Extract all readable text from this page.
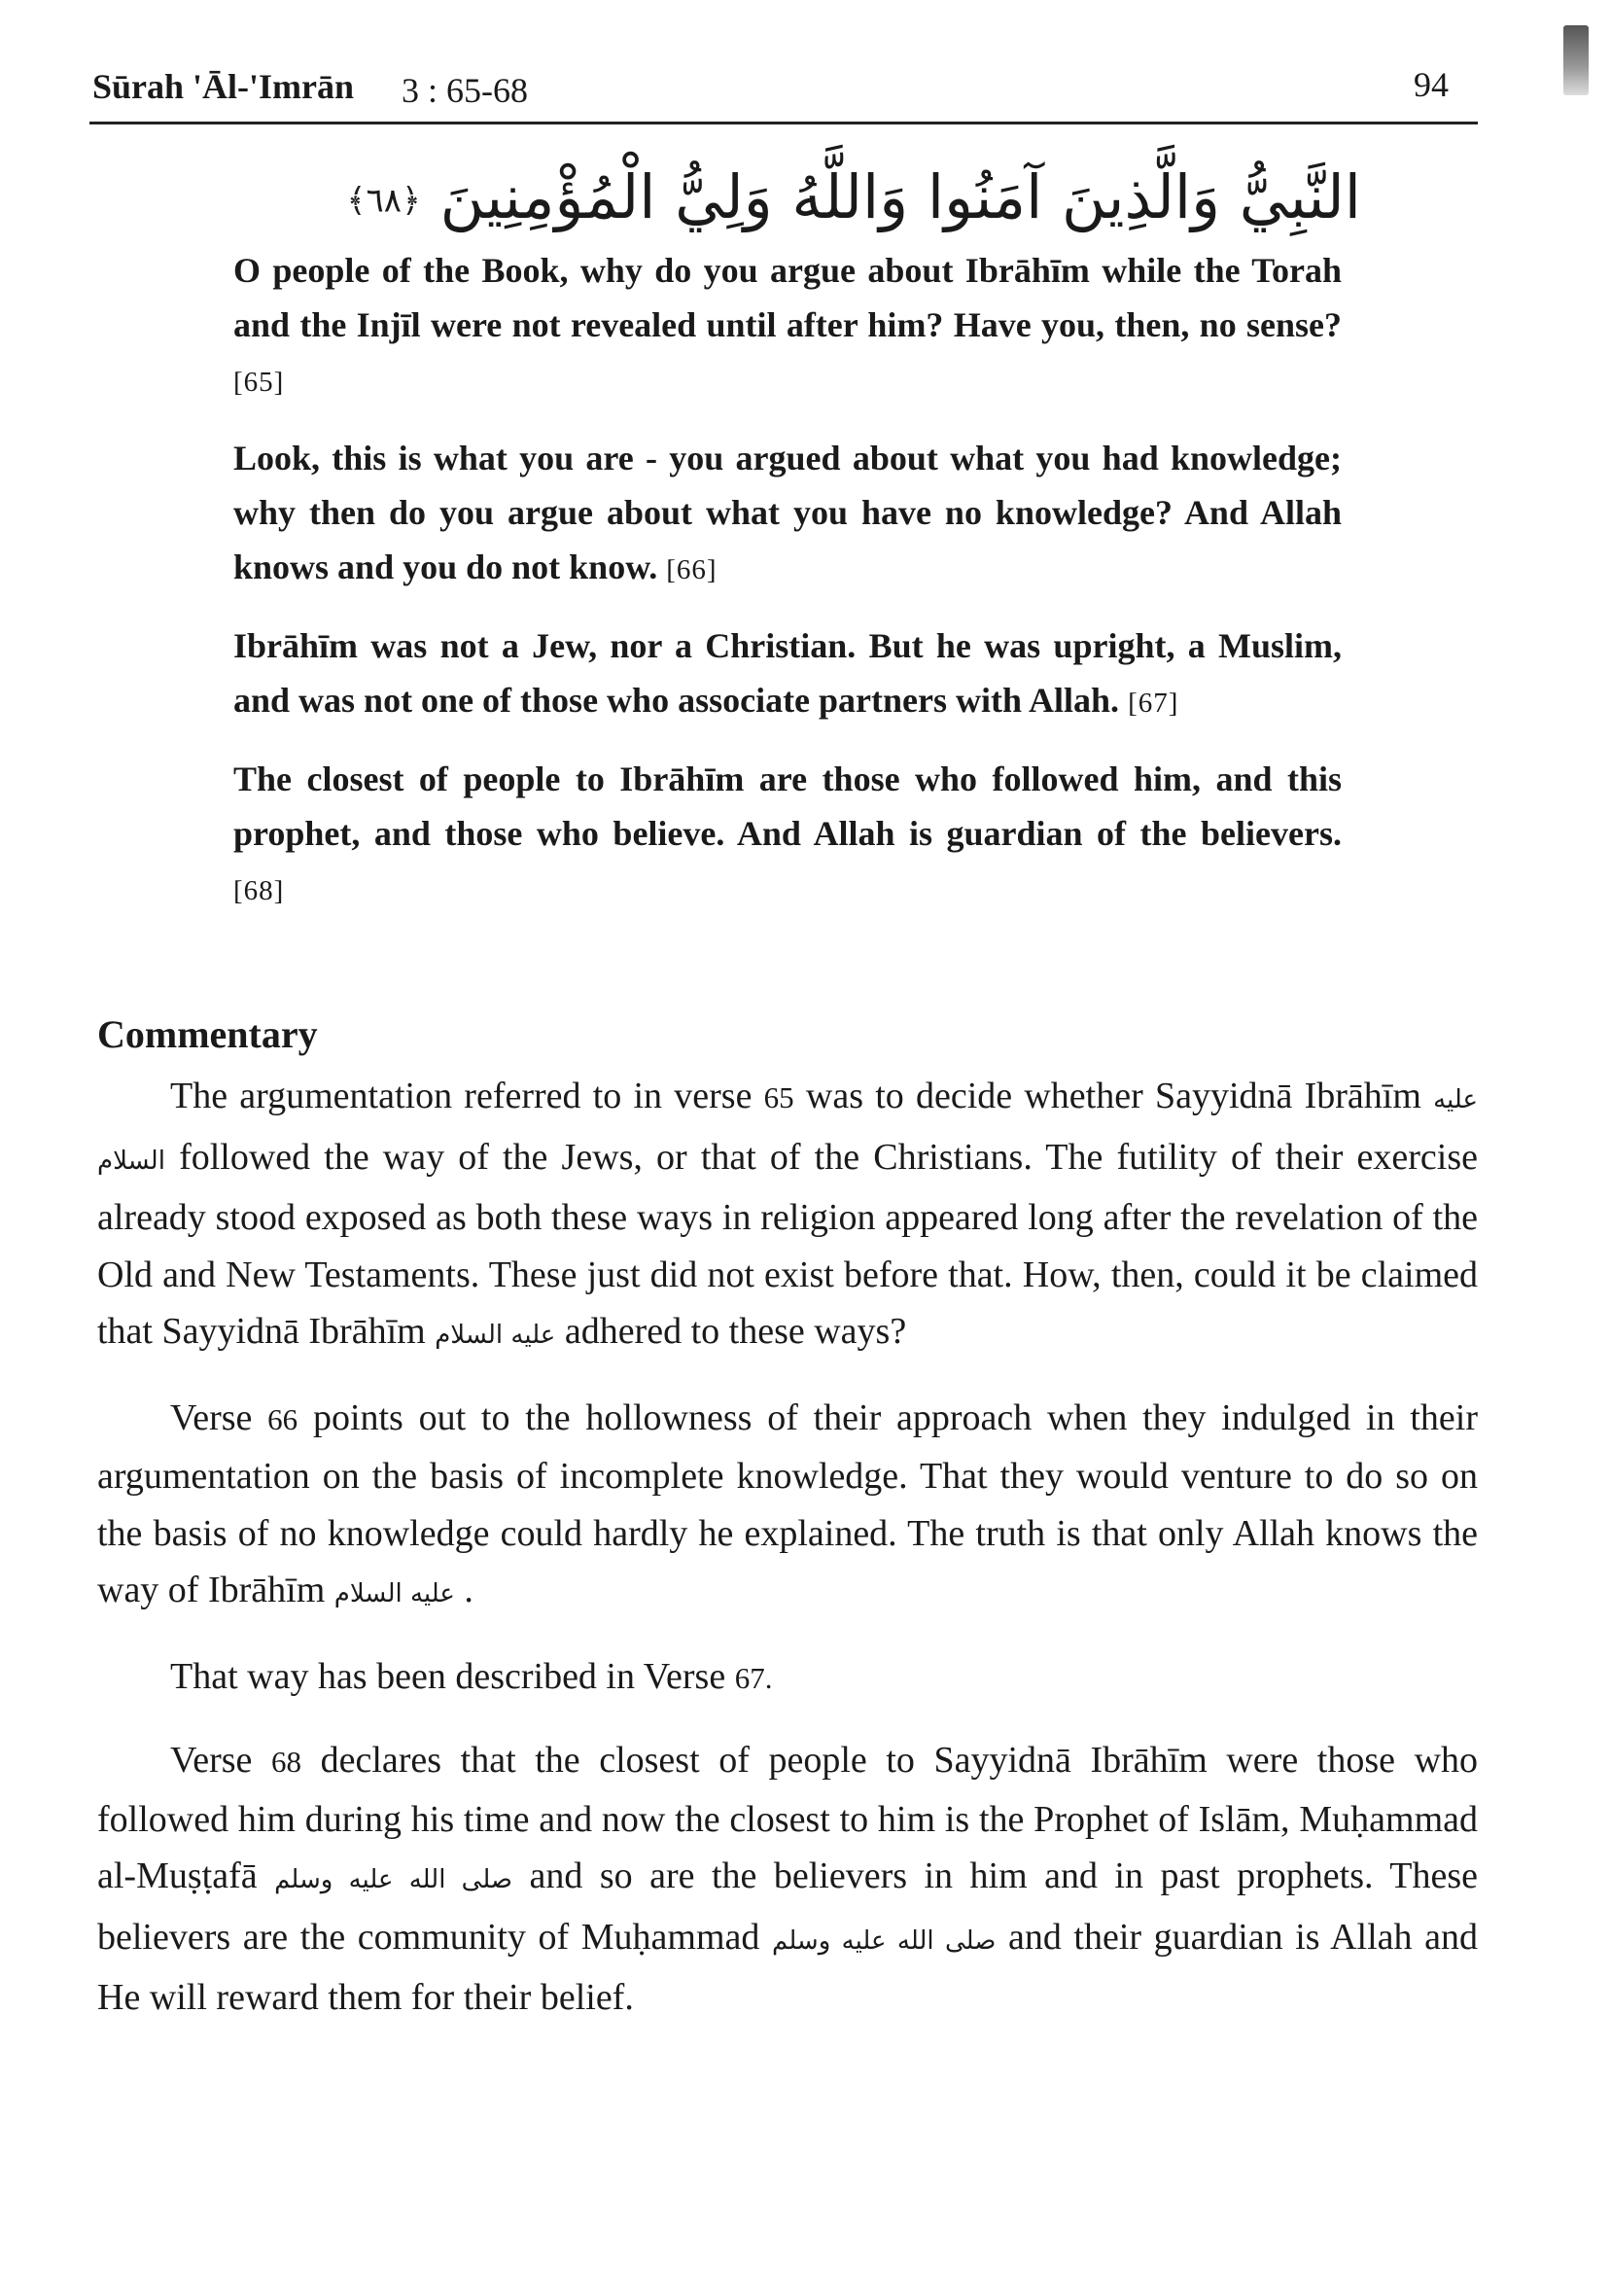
Sūrah 'Āl-'Imrān 3 : 65-68	94
النَّبِيُّ وَالَّذِينَ آمَنُوا وَاللَّهُ وَلِيُّ الْمُؤْمِنِينَ ﴿٦٨﴾

O people of the Book, why do you argue about Ibrāhīm while the Torah and the Injīl were not revealed until after him? Have you, then, no sense? [65]

Look, this is what you are - you argued about what you had knowledge; why then do you argue about what you have no knowledge? And Allah knows and you do not know. [66]

Ibrāhīm was not a Jew, nor a Christian. But he was upright, a Muslim, and was not one of those who associate partners with Allah. [67]

The closest of people to Ibrāhīm are those who followed him, and this prophet, and those who believe. And Allah is guardian of the believers. [68]

Commentary

The argumentation referred to in verse 65 was to decide whether Sayyidnā Ibrāhīm عليه السلام followed the way of the Jews, or that of the Christians. The futility of their exercise already stood exposed as both these ways in religion appeared long after the revelation of the Old and New Testaments. These just did not exist before that. How, then, could it be claimed that Sayyidnā Ibrāhīm عليه السلام adhered to these ways?

Verse 66 points out to the hollowness of their approach when they indulged in their argumentation on the basis of incomplete knowledge. That they would venture to do so on the basis of no knowledge could hardly he explained. The truth is that only Allah knows the way of Ibrāhīm عليه السلام .

That way has been described in Verse 67.

Verse 68 declares that the closest of people to Sayyidnā Ibrāhīm were those who followed him during his time and now the closest to him is the Prophet of Islām, Muḥammad al-Muṣṭafā صلى الله عليه وسلم and so are the believers in him and in past prophets. These believers are the community of Muḥammad صلى الله عليه وسلم and their guardian is Allah and He will reward them for their belief.
